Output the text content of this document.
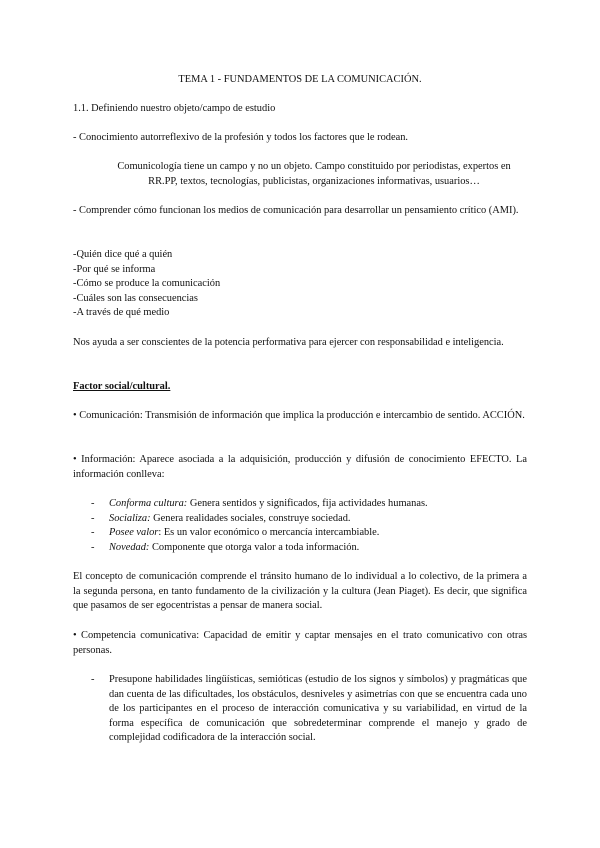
TEMA 1 - FUNDAMENTOS DE LA COMUNICACIÓN.

1.1. Definiendo nuestro objeto/campo de estudio

- Conocimiento autorreflexivo de la profesión y todos los factores que le rodean.

Comunicología tiene un campo y no un objeto. Campo constituido por periodistas, expertos en RR.PP, textos, tecnologías, publicistas, organizaciones informativas, usuarios…

- Comprender cómo funcionan los medios de comunicación para desarrollar un pensamiento crítico (AMI).

-Quién dice qué a quién
-Por qué se informa
-Cómo se produce la comunicación
-Cuáles son las consecuencias
-A través de qué medio

Nos ayuda a ser conscientes de la potencia performativa para ejercer con responsabilidad e inteligencia.

Factor social/cultural.

• Comunicación: Transmisión de información que implica la producción e intercambio de sentido. ACCIÓN.

• Información: Aparece asociada a la adquisición, producción y difusión de conocimiento EFECTO. La información conlleva:

- Conforma cultura: Genera sentidos y significados, fija actividades humanas.
- Socializa: Genera realidades sociales, construye sociedad.
- Posee valor: Es un valor económico o mercancía intercambiable.
- Novedad: Componente que otorga valor a toda información.

El concepto de comunicación comprende el tránsito humano de lo individual a lo colectivo, de la primera a la segunda persona, en tanto fundamento de la civilización y la cultura (Jean Piaget). Es decir, que significa que pasamos de ser egocentristas a pensar de manera social.

• Competencia comunicativa: Capacidad de emitir y captar mensajes en el trato comunicativo con otras personas.

-	Presupone habilidades lingüísticas, semióticas (estudio de los signos y símbolos) y pragmáticas que dan cuenta de las dificultades, los obstáculos, desniveles y asimetrías con que se encuentra cada uno de los participantes en el proceso de interacción comunicativa y su variabilidad, en virtud de la forma específica de comunicación que sobredeterminar comprende el manejo y grado de complejidad codificadora de la interacción social.
